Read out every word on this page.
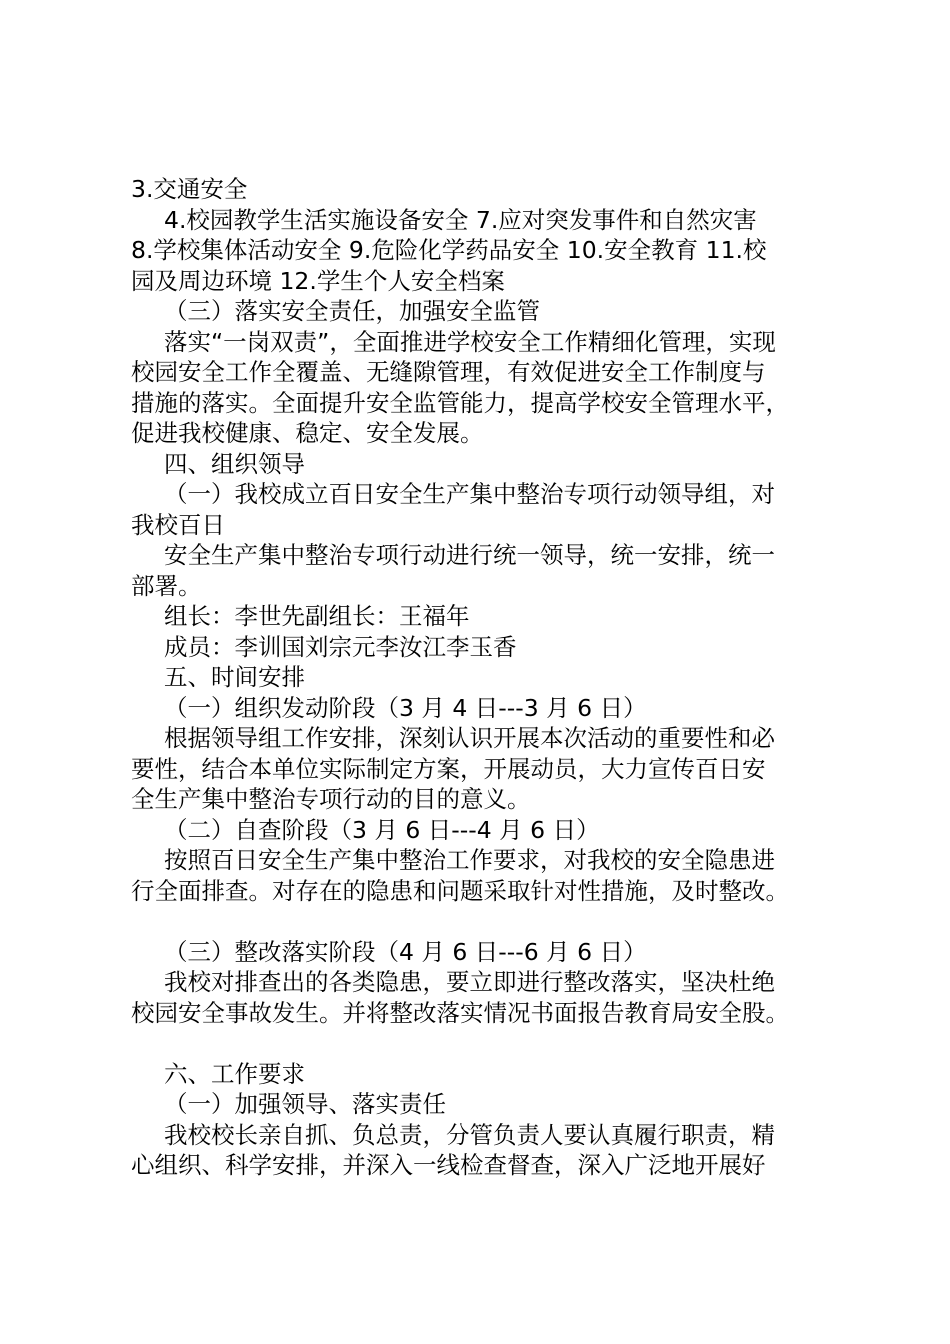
3.交通安全

4.校园教学生活实施设备安全 7.应对突发事件和自然灾害

8.学校集体活动安全 9.危险化学药品安全 10.安全教育 11.校

园及周边环境 12.学生个人安全档案

（三）落实安全责任，加强安全监管

落实“一岗双责”，全面推进学校安全工作精细化管理，实现

校园安全工作全覆盖、无缝隙管理，有效促进安全工作制度与

措施的落实。全面提升安全监管能力，提高学校安全管理水平，

促进我校健康、稳定、安全发展。

四、组织领导

（一）我校成立百日安全生产集中整治专项行动领导组，对

我校百日

安全生产集中整治专项行动进行统一领导，统一安排，统一

部署。

组长：李世先副组长：王福年

成员：李训国刘宗元李汝江李玉香

五、时间安排

（一）组织发动阶段（3 月 4 日---3 月 6 日）

根据领导组工作安排，深刻认识开展本次活动的重要性和必

要性，结合本单位实际制定方案，开展动员，大力宣传百日安

全生产集中整治专项行动的目的意义。

（二）自查阶段（3 月 6 日---4 月 6 日）

按照百日安全生产集中整治工作要求，对我校的安全隐患进

行全面排查。对存在的隐患和问题采取针对性措施，及时整改。

（三）整改落实阶段（4 月 6 日---6 月 6 日）

我校对排查出的各类隐患，要立即进行整改落实，坚决杜绝

校园安全事故发生。并将整改落实情况书面报告教育局安全股。

六、工作要求

（一）加强领导、落实责任

我校校长亲自抓、负总责，分管负责人要认真履行职责，精

心组织、科学安排，并深入一线检查督查，深入广泛地开展好
